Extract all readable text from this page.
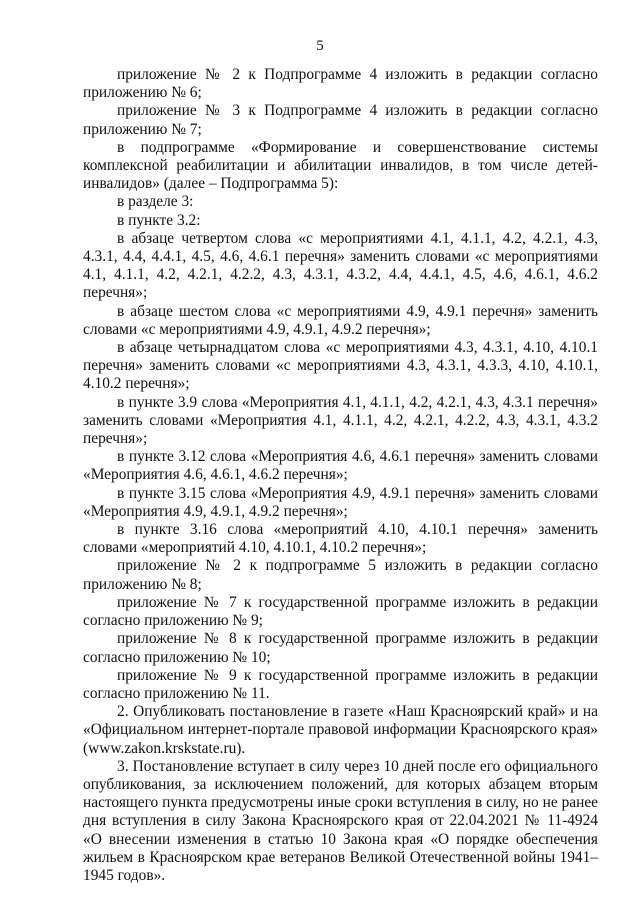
5

приложение № 2 к Подпрограмме 4 изложить в редакции согласно приложению № 6;

приложение № 3 к Подпрограмме 4 изложить в редакции согласно приложению № 7;

в подпрограмме «Формирование и совершенствование системы комплексной реабилитации и абилитации инвалидов, в том числе детей-инвалидов» (далее – Подпрограмма 5):

в разделе 3:

в пункте 3.2:

в абзаце четвертом слова «с мероприятиями 4.1, 4.1.1, 4.2, 4.2.1, 4.3, 4.3.1, 4.4, 4.4.1, 4.5, 4.6, 4.6.1 перечня» заменить словами «с мероприятиями 4.1, 4.1.1, 4.2, 4.2.1, 4.2.2, 4.3, 4.3.1, 4.3.2, 4.4, 4.4.1, 4.5, 4.6, 4.6.1, 4.6.2 перечня»;

в абзаце шестом слова «с мероприятиями 4.9, 4.9.1 перечня» заменить словами «с мероприятиями 4.9, 4.9.1, 4.9.2 перечня»;

в абзаце четырнадцатом слова «с мероприятиями 4.3, 4.3.1, 4.10, 4.10.1 перечня» заменить словами «с мероприятиями 4.3, 4.3.1, 4.3.3, 4.10, 4.10.1, 4.10.2 перечня»;

в пункте 3.9 слова «Мероприятия 4.1, 4.1.1, 4.2, 4.2.1, 4.3, 4.3.1 перечня» заменить словами «Мероприятия 4.1, 4.1.1, 4.2, 4.2.1, 4.2.2, 4.3, 4.3.1, 4.3.2 перечня»;

в пункте 3.12 слова «Мероприятия 4.6, 4.6.1 перечня» заменить словами «Мероприятия 4.6, 4.6.1, 4.6.2 перечня»;

в пункте 3.15 слова «Мероприятия 4.9, 4.9.1 перечня» заменить словами «Мероприятия 4.9, 4.9.1, 4.9.2 перечня»;

в пункте 3.16 слова «мероприятий 4.10, 4.10.1 перечня» заменить словами «мероприятий 4.10, 4.10.1, 4.10.2 перечня»;

приложение № 2 к подпрограмме 5 изложить в редакции согласно приложению № 8;

приложение № 7 к государственной программе изложить в редакции согласно приложению № 9;

приложение № 8 к государственной программе изложить в редакции согласно приложению № 10;

приложение № 9 к государственной программе изложить в редакции согласно приложению № 11.

2. Опубликовать постановление в газете «Наш Красноярский край» и на «Официальном интернет-портале правовой информации Красноярского края» (www.zakon.krskstate.ru).

3. Постановление вступает в силу через 10 дней после его официального опубликования, за исключением положений, для которых абзацем вторым настоящего пункта предусмотрены иные сроки вступления в силу, но не ранее дня вступления в силу Закона Красноярского края от 22.04.2021 № 11-4924 «О внесении изменения в статью 10 Закона края «О порядке обеспечения жильем в Красноярском крае ветеранов Великой Отечественной войны 1941–1945 годов».
